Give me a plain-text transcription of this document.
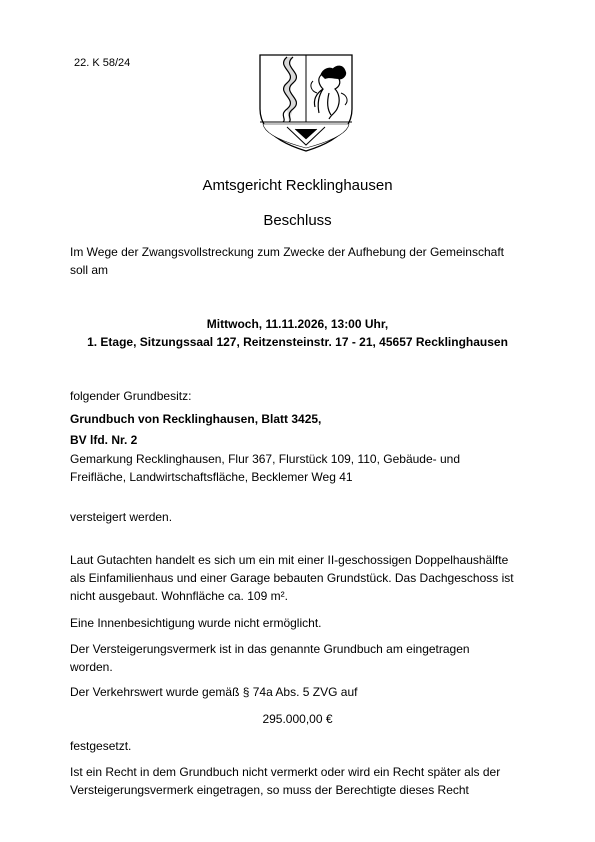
22. K 58/24
Amtsgericht Recklinghausen
Beschluss
Im Wege der Zwangsvollstreckung zum Zwecke der Aufhebung der Gemeinschaft
soll am
Mittwoch, 11.11.2026, 13:00 Uhr,
1. Etage, Sitzungssaal 127, Reitzensteinstr. 17 - 21, 45657 Recklinghausen
folgender Grundbesitz:
Grundbuch von Recklinghausen, Blatt 3425,
BV lfd. Nr. 2
Gemarkung Recklinghausen, Flur 367, Flurstück 109, 110, Gebäude- und
Freifläche, Landwirtschaftsfläche, Becklemer Weg 41
versteigert werden.
Laut Gutachten handelt es sich um ein mit einer II-geschossigen Doppelhaushälfte
als Einfamilienhaus und einer Garage bebauten Grundstück. Das Dachgeschoss ist
nicht ausgebaut. Wohnfläche ca. 109 m².
Eine Innenbesichtigung wurde nicht ermöglicht.
Der Versteigerungsvermerk ist in das genannte Grundbuch am eingetragen
worden.
Der Verkehrswert wurde gemäß § 74a Abs. 5 ZVG auf
295.000,00 €
festgesetzt.
Ist ein Recht in dem Grundbuch nicht vermerkt oder wird ein Recht später als der
Versteigerungsvermerk eingetragen, so muss der Berechtigte dieses Recht
